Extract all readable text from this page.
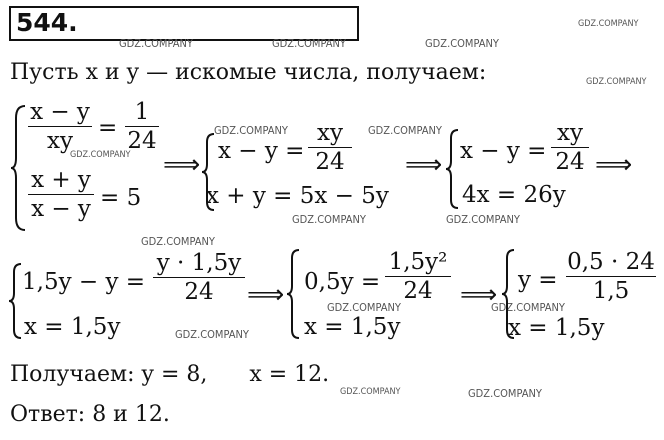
544.	GDZ.COMPANY
GDZ.COMPANY	GDZ.COMPANY	GDZ.COMPANY
GDZ.COMPANY
GDZ.COMPANY	GDZ.COMPANY
GDZ.COMPANY
GDZ.COMPANY	GDZ.COMPANY
GDZ.COMPANY
GDZ.COMPANY	GDZ.COMPANY
GDZ.COMPANY
GDZ.COMPANY	GDZ.COMPANY
Пусть x и y — искомые числа, получаем:
x − y
xy
=
1
24
x + y
x − y = 5
⟹ x − y =
xy
24
x + y = 5x − 5y
⟹ x − y =
xy
24 ⟹
4x = 26y
1,5y − y =
y · 1,5y
24
x = 1,5y
⟹ 0,5y =
1,5y²
24
x = 1,5y
⟹ y =
0,5 · 24
1,5
x = 1,5y
Получаем: y = 8,      x = 12.
Ответ: 8 и 12.
